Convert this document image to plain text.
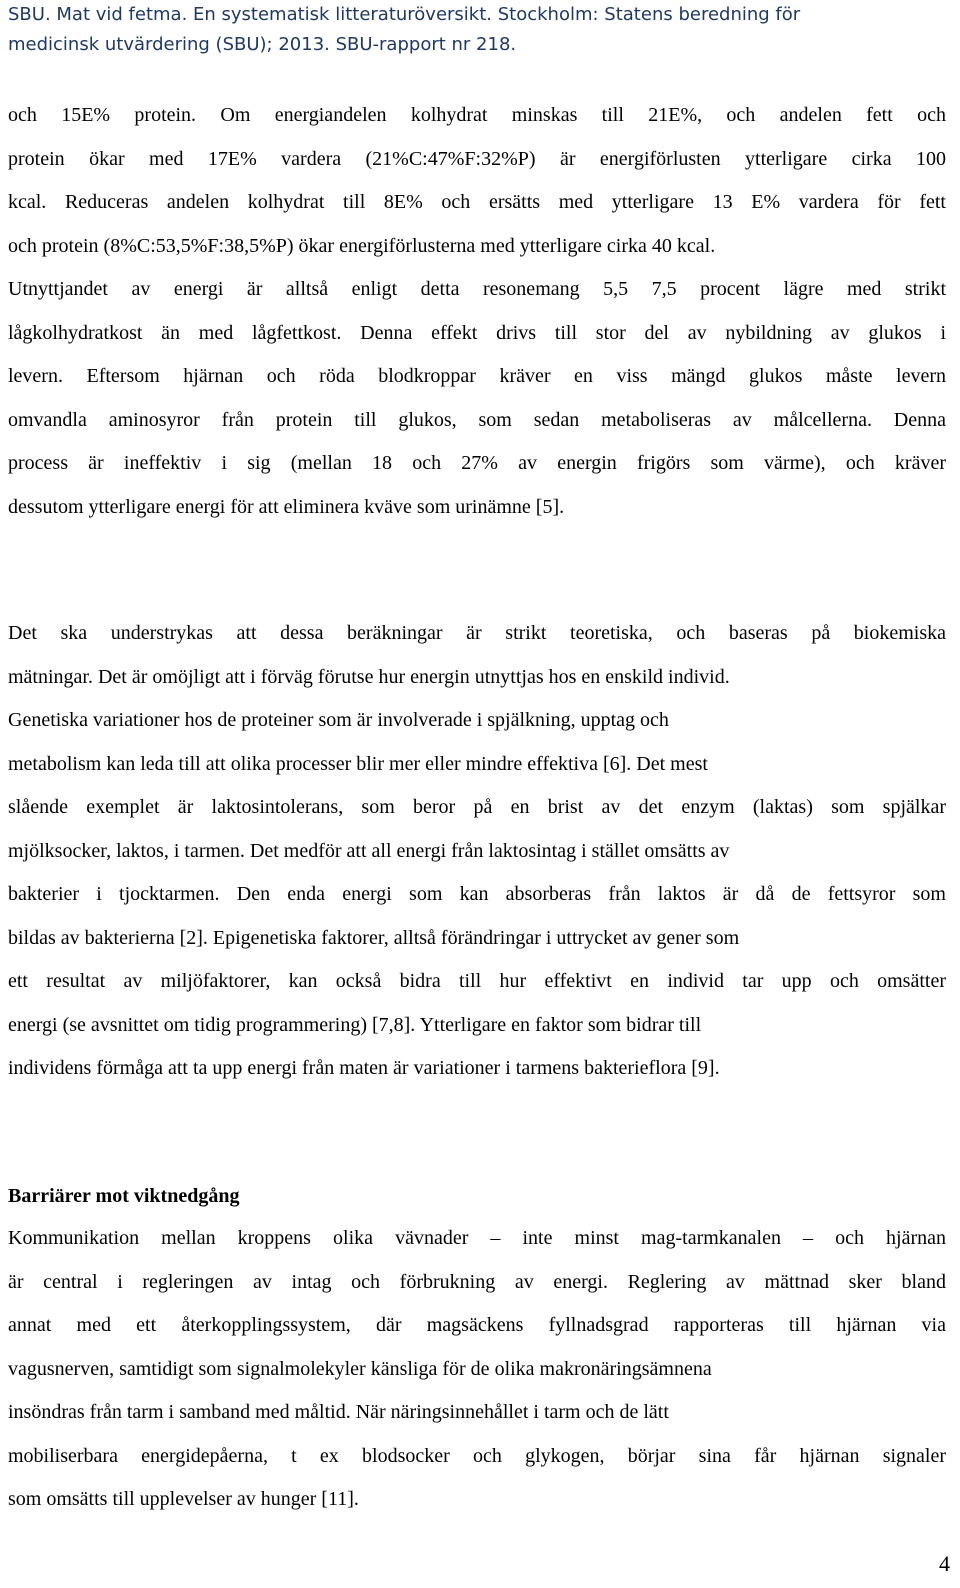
SBU. Mat vid fetma. En systematisk litteraturöversikt. Stockholm: Statens beredning för
medicinsk utvärdering (SBU); 2013. SBU-rapport nr 218.
och 15E% protein. Om energiandelen kolhydrat minskas till 21E%, och andelen fett och
protein ökar med 17E% vardera (21%C:47%F:32%P) är energiförlusten ytterligare cirka 100
kcal. Reduceras andelen kolhydrat till 8E% och ersätts med ytterligare 13 E% vardera för fett
och protein (8%C:53,5%F:38,5%P) ökar energiförlusterna med ytterligare cirka 40 kcal.
Utnyttjandet av energi är alltså enligt detta resonemang 5,5 7,5 procent lägre med strikt
lågkolhydratkost än med lågfettkost. Denna effekt drivs till stor del av nybildning av glukos i
levern. Eftersom hjärnan och röda blodkroppar kräver en viss mängd glukos måste levern
omvandla aminosyror från protein till glukos, som sedan metaboliseras av målcellerna. Denna
process är ineffektiv i sig (mellan 18 och 27% av energin frigörs som värme), och kräver
dessutom ytterligare energi för att eliminera kväve som urinämne [5].
Det ska understrykas att dessa beräkningar är strikt teoretiska, och baseras på biokemiska
mätningar. Det är omöjligt att i förväg förutse hur energin utnyttjas hos en enskild individ.
Genetiska variationer hos de proteiner som är involverade i spjälkning, upptag och
metabolism kan leda till att olika processer blir mer eller mindre effektiva [6]. Det mest
slående exemplet är laktosintolerans, som beror på en brist av det enzym (laktas) som spjälkar
mjölksocker, laktos, i tarmen. Det medför att all energi från laktosintag i stället omsätts av
bakterier i tjocktarmen. Den enda energi som kan absorberas från laktos är då de fettsyror som
bildas av bakterierna [2]. Epigenetiska faktorer, alltså förändringar i uttrycket av gener som
ett resultat av miljöfaktorer, kan också bidra till hur effektivt en individ tar upp och omsätter
energi (se avsnittet om tidig programmering) [7,8]. Ytterligare en faktor som bidrar till
individens förmåga att ta upp energi från maten är variationer i tarmens bakterieflora [9].
Barriärer mot viktnedgång
Kommunikation mellan kroppens olika vävnader – inte minst mag-tarmkanalen – och hjärnan
är central i regleringen av intag och förbrukning av energi. Reglering av mättnad sker bland
annat med ett återkopplingssystem, där magsäckens fyllnadsgrad rapporteras till hjärnan via
vagusnerven, samtidigt som signalmolekyler känsliga för de olika makronäringsämnena
insöndras från tarm i samband med måltid. När näringsinnehållet i tarm och de lätt
mobiliserbara energidepåerna, t ex blodsocker och glykogen, börjar sina får hjärnan signaler
som omsätts till upplevelser av hunger [11].
4
